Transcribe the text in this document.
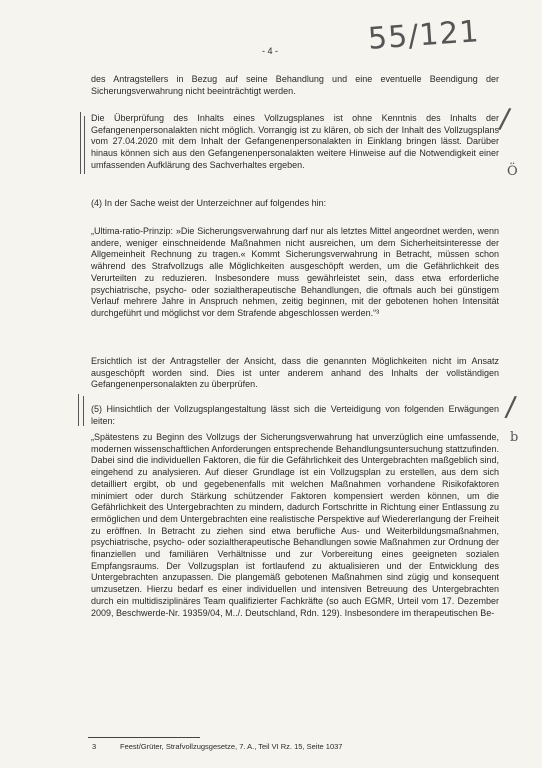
55/121
- 4 -

des Antragstellers in Bezug auf seine Behandlung und eine eventuelle Beendigung der Sicherungsverwahrung nicht beeinträchtigt werden.

Die Überprüfung des Inhalts eines Vollzugsplanes ist ohne Kenntnis des Inhalts der Gefangenenpersonalakten nicht möglich. Vorrangig ist zu klären, ob sich der Inhalt des Vollzugsplans vom 27.04.2020 mit dem Inhalt der Gefangenenpersonalakten in Einklang bringen lässt. Darüber hinaus können sich aus den Gefangenenpersonalakten weitere Hinweise auf die Notwendigkeit einer umfassenden Aufklärung des Sachverhaltes ergeben.

/
Ö

(4) In der Sache weist der Unterzeichner auf folgendes hin:

„Ultima-ratio-Prinzip: »Die Sicherungsverwahrung darf nur als letztes Mittel angeordnet werden, wenn andere, weniger einschneidende Maßnahmen nicht ausreichen, um dem Sicherheitsinteresse der Allgemeinheit Rechnung zu tragen.« Kommt Sicherungsverwahrung in Betracht, müssen schon während des Strafvollzugs alle Möglichkeiten ausgeschöpft werden, um die Gefährlichkeit des Verurteilten zu reduzieren. Insbesondere muss gewährleistet sein, dass etwa erforderliche psychiatrische, psycho- oder sozialtherapeutische Behandlungen, die oftmals auch bei günstigem Verlauf mehrere Jahre in Anspruch nehmen, zeitig beginnen, mit der gebotenen hohen Intensität durchgeführt und möglichst vor dem Strafende abgeschlossen werden.“³

Ersichtlich ist der Antragsteller der Ansicht, dass die genannten Möglichkeiten nicht im Ansatz ausgeschöpft worden sind. Dies ist unter anderem anhand des Inhalts der vollständigen Gefangenenpersonalakten zu überprüfen.

(5) Hinsichtlich der Vollzugsplangestaltung lässt sich die Verteidigung von folgenden Erwägungen leiten:	/
b

„Spätestens zu Beginn des Vollzugs der Sicherungsverwahrung hat unverzüglich eine umfassende, modernen wissenschaftlichen Anforderungen entsprechende Behandlungsuntersuchung stattzufinden. Dabei sind die individuellen Faktoren, die für die Gefährlichkeit des Untergebrachten maßgeblich sind, eingehend zu analysieren. Auf dieser Grundlage ist ein Vollzugsplan zu erstellen, aus dem sich detailliert ergibt, ob und gegebenenfalls mit welchen Maßnahmen vorhandene Risikofaktoren minimiert oder durch Stärkung schützender Faktoren kompensiert werden können, um die Gefährlichkeit des Untergebrachten zu mindern, dadurch Fortschritte in Richtung einer Entlassung zu ermöglichen und dem Untergebrachten eine realistische Perspektive auf Wiedererlangung der Freiheit zu eröffnen. In Betracht zu ziehen sind etwa berufliche Aus- und Weiterbildungsmaßnahmen, psychiatrische, psycho- oder sozialtherapeutische Behandlungen sowie Maßnahmen zur Ordnung der finanziellen und familiären Verhältnisse und zur Vorbereitung eines geeigneten sozialen Empfangsraums. Der Vollzugsplan ist fortlaufend zu aktualisieren und der Entwicklung des Untergebrachten anzupassen. Die plangemäß gebotenen Maßnahmen sind zügig und konsequent umzusetzen. Hierzu bedarf es einer individuellen und intensiven Betreuung des Untergebrachten durch ein multidisziplinäres Team qualifizierter Fachkräfte (so auch EGMR, Urteil vom 17. Dezember 2009, Beschwerde-Nr. 19359/04, M../. Deutschland, Rdn. 129). Insbesondere im therapeutischen Be-

3	Feest/Grüter, Strafvollzugsgesetze, 7. A., Teil VI Rz. 15, Seite 1037
